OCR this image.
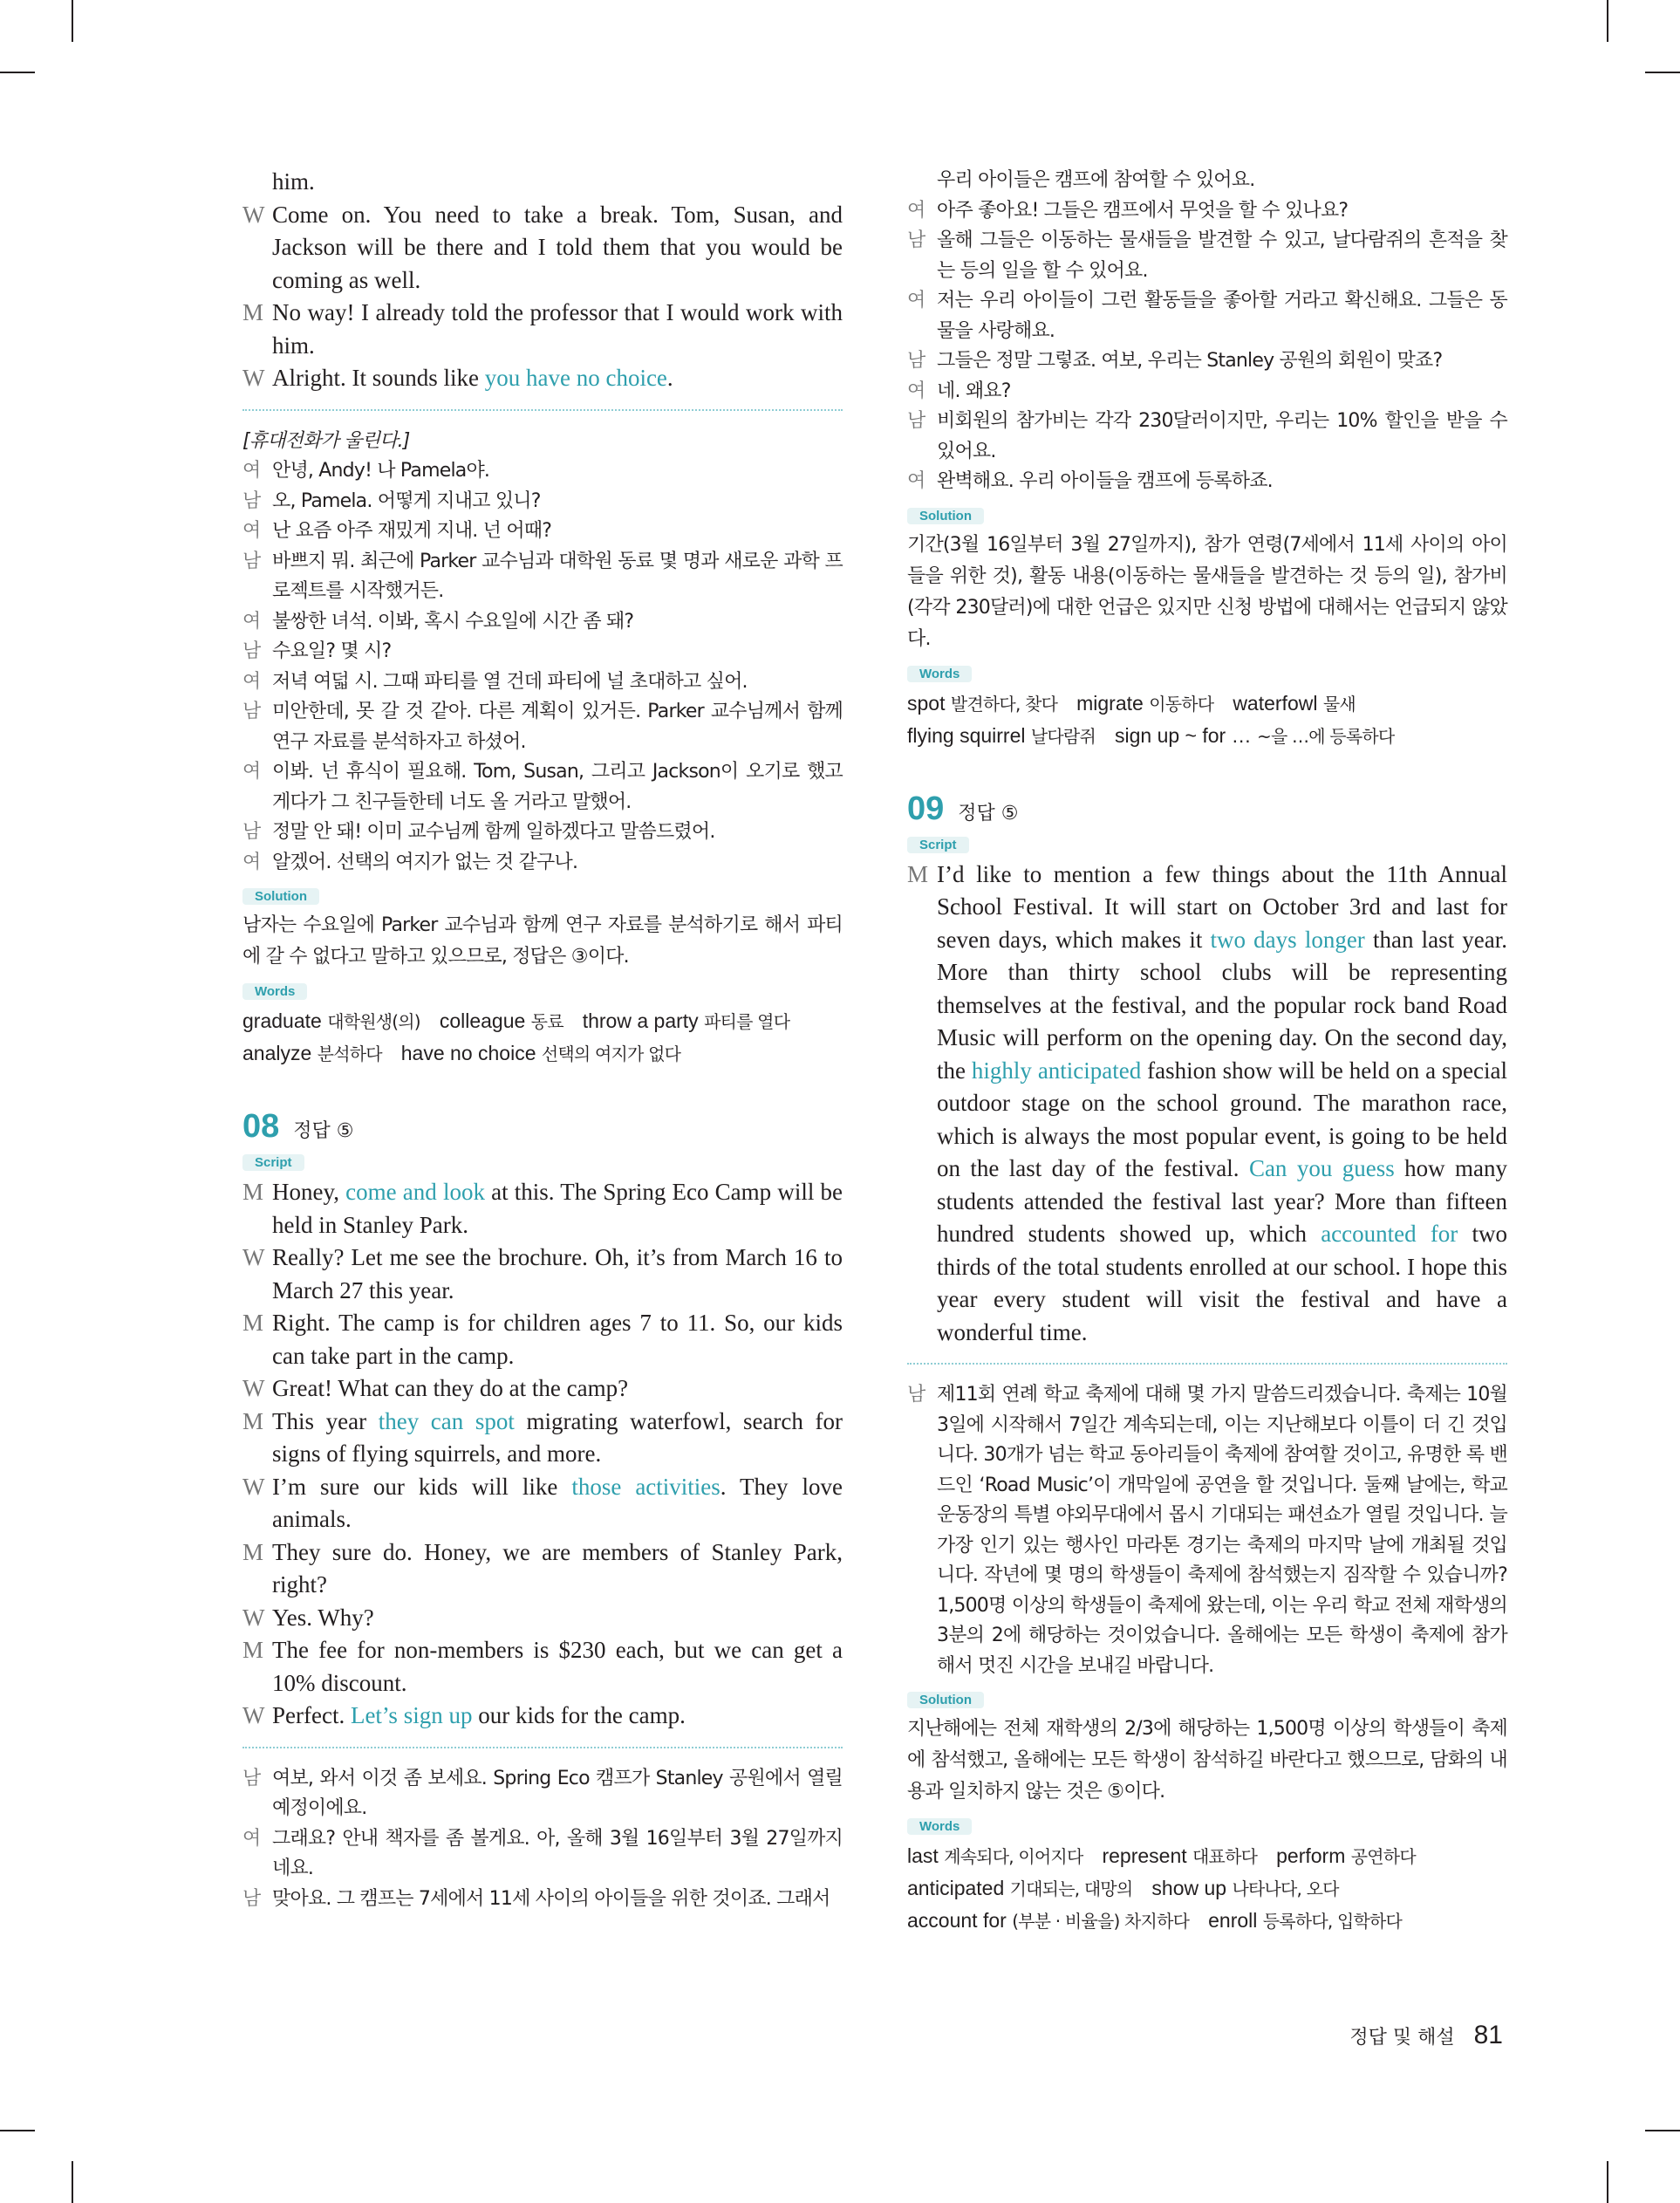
him.
W Come on. You need to take a break. Tom, Susan, and Jackson will be there and I told them that you would be coming as well.
M No way! I already told the professor that I would work with him.
W Alright. It sounds like you have no choice.
[휴대전화가 울린다.]
여 안녕, Andy! 나 Pamela야.
남 오, Pamela. 어떻게 지내고 있니?
여 난 요즘 아주 재밌게 지내. 넌 어때?
남 바쁘지 뭐. 최근에 Parker 교수님과 대학원 동료 몇 명과 새로운 과학 프로젝트를 시작했거든.
여 불쌍한 녀석. 이봐, 혹시 수요일에 시간 좀 돼?
남 수요일? 몇 시?
여 저녁 여덟 시. 그때 파티를 열 건데 파티에 널 초대하고 싶어.
남 미안한데, 못 갈 것 같아. 다른 계획이 있거든. Parker 교수님께서 함께 연구 자료를 분석하자고 하셨어.
여 이봐. 넌 휴식이 필요해. Tom, Susan, 그리고 Jackson이 오기로 했고 게다가 그 친구들한테 너도 올 거라고 말했어.
남 정말 안 돼! 이미 교수님께 함께 일하겠다고 말씀드렸어.
여 알겠어. 선택의 여지가 없는 것 같구나.
Solution
남자는 수요일에 Parker 교수님과 함께 연구 자료를 분석하기로 해서 파티에 갈 수 없다고 말하고 있으므로, 정답은 ③이다.
Words
graduate 대학원생(의) colleague 동료 throw a party 파티를 열다
analyze 분석하다 have no choice 선택의 여지가 없다
08 정답 ⑤
Script
M Honey, come and look at this. The Spring Eco Camp will be held in Stanley Park.
W Really? Let me see the brochure. Oh, it’s from March 16 to March 27 this year.
M Right. The camp is for children ages 7 to 11. So, our kids can take part in the camp.
W Great! What can they do at the camp?
M This year they can spot migrating waterfowl, search for signs of flying squirrels, and more.
W I’m sure our kids will like those activities. They love animals.
M They sure do. Honey, we are members of Stanley Park, right?
W Yes. Why?
M The fee for non-members is $230 each, but we can get a 10% discount.
W Perfect. Let’s sign up our kids for the camp.
남 여보, 와서 이것 좀 보세요. Spring Eco 캠프가 Stanley 공원에서 열릴 예정이에요.
여 그래요? 안내 책자를 좀 볼게요. 아, 올해 3월 16일부터 3월 27일까지 네요.
남 맞아요. 그 캠프는 7세에서 11세 사이의 아이들을 위한 것이죠. 그래서
우리 아이들은 캠프에 참여할 수 있어요.
여 아주 좋아요! 그들은 캠프에서 무엇을 할 수 있나요?
남 올해 그들은 이동하는 물새들을 발견할 수 있고, 날다람쥐의 흔적을 찾는 등의 일을 할 수 있어요.
여 저는 우리 아이들이 그런 활동들을 좋아할 거라고 확신해요. 그들은 동물을 사랑해요.
남 그들은 정말 그렇죠. 여보, 우리는 Stanley 공원의 회원이 맞죠?
여 네. 왜요?
남 비회원의 참가비는 각각 230달러이지만, 우리는 10% 할인을 받을 수 있어요.
여 완벽해요. 우리 아이들을 캠프에 등록하죠.
Solution
기간(3월 16일부터 3월 27일까지), 참가 연령(7세에서 11세 사이의 아이들을 위한 것), 활동 내용(이동하는 물새들을 발견하는 것 등의 일), 참가비(각각 230달러)에 대한 언급은 있지만 신청 방법에 대해서는 언급되지 않았다.
Words
spot 발견하다, 찾다 migrate 이동하다 waterfowl 물새
flying squirrel 날다람쥐 sign up ~ for … ~을 …에 등록하다
09 정답 ⑤
Script
M I’d like to mention a few things about the 11th Annual School Festival. It will start on October 3rd and last for seven days, which makes it two days longer than last year. More than thirty school clubs will be representing themselves at the festival, and the popular rock band Road Music will perform on the opening day. On the second day, the highly anticipated fashion show will be held on a special outdoor stage on the school ground. The marathon race, which is always the most popular event, is going to be held on the last day of the festival. Can you guess how many students attended the festival last year? More than fifteen hundred students showed up, which accounted for two thirds of the total students enrolled at our school. I hope this year every student will visit the festival and have a wonderful time.
남 제11회 연례 학교 축제에 대해 몇 가지 말씀드리겠습니다. 축제는 10월 3일에 시작해서 7일간 계속되는데, 이는 지난해보다 이틀이 더 긴 것입니다. 30개가 넘는 학교 동아리들이 축제에 참여할 것이고, 유명한 록 밴드인 ‘Road Music’이 개막일에 공연을 할 것입니다. 둘째 날에는, 학교 운동장의 특별 야외무대에서 몹시 기대되는 패션쇼가 열릴 것입니다. 늘 가장 인기 있는 행사인 마라톤 경기는 축제의 마지막 날에 개최될 것입니다. 작년에 몇 명의 학생들이 축제에 참석했는지 짐작할 수 있습니까? 1,500명 이상의 학생들이 축제에 왔는데, 이는 우리 학교 전체 재학생의 3분의 2에 해당하는 것이었습니다. 올해에는 모든 학생이 축제에 참가해서 멋진 시간을 보내길 바랍니다.
Solution
지난해에는 전체 재학생의 2/3에 해당하는 1,500명 이상의 학생들이 축제에 참석했고, 올해에는 모든 학생이 참석하길 바란다고 했으므로, 담화의 내용과 일치하지 않는 것은 ⑤이다.
Words
last 계속되다, 이어지다 represent 대표하다 perform 공연하다
anticipated 기대되는, 대망의 show up 나타나다, 오다
account for (부분 · 비율을) 차지하다 enroll 등록하다, 입학하다
정답 및 해설 81
